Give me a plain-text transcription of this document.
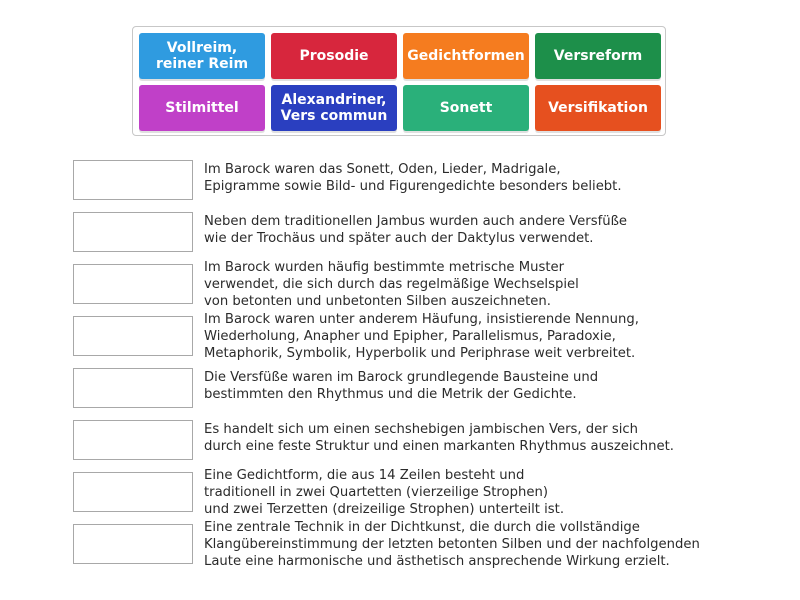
Vollreim,
reiner Reim	Prosodie	Gedichtformen	Versreform
Stilmittel	Alexandriner,
Vers commun	Sonett	Versifikation
Im Barock waren das Sonett, Oden, Lieder, Madrigale,
Epigramme sowie Bild- und Figurengedichte besonders beliebt.
Neben dem traditionellen Jambus wurden auch andere Versfüße
wie der Trochäus und später auch der Daktylus verwendet.
Im Barock wurden häufig bestimmte metrische Muster
verwendet, die sich durch das regelmäßige Wechselspiel
von betonten und unbetonten Silben auszeichneten.
Im Barock waren unter anderem Häufung, insistierende Nennung,
Wiederholung, Anapher und Epipher, Parallelismus, Paradoxie,
Metaphorik, Symbolik, Hyperbolik und Periphrase weit verbreitet.
Die Versfüße waren im Barock grundlegende Bausteine und
bestimmten den Rhythmus und die Metrik der Gedichte.
Es handelt sich um einen sechshebigen jambischen Vers, der sich
durch eine feste Struktur und einen markanten Rhythmus auszeichnet.
Eine Gedichtform, die aus 14 Zeilen besteht und
traditionell in zwei Quartetten (vierzeilige Strophen)
und zwei Terzetten (dreizeilige Strophen) unterteilt ist.
Eine zentrale Technik in der Dichtkunst, die durch die vollständige
Klangübereinstimmung der letzten betonten Silben und der nachfolgenden
Laute eine harmonische und ästhetisch ansprechende Wirkung erzielt.
